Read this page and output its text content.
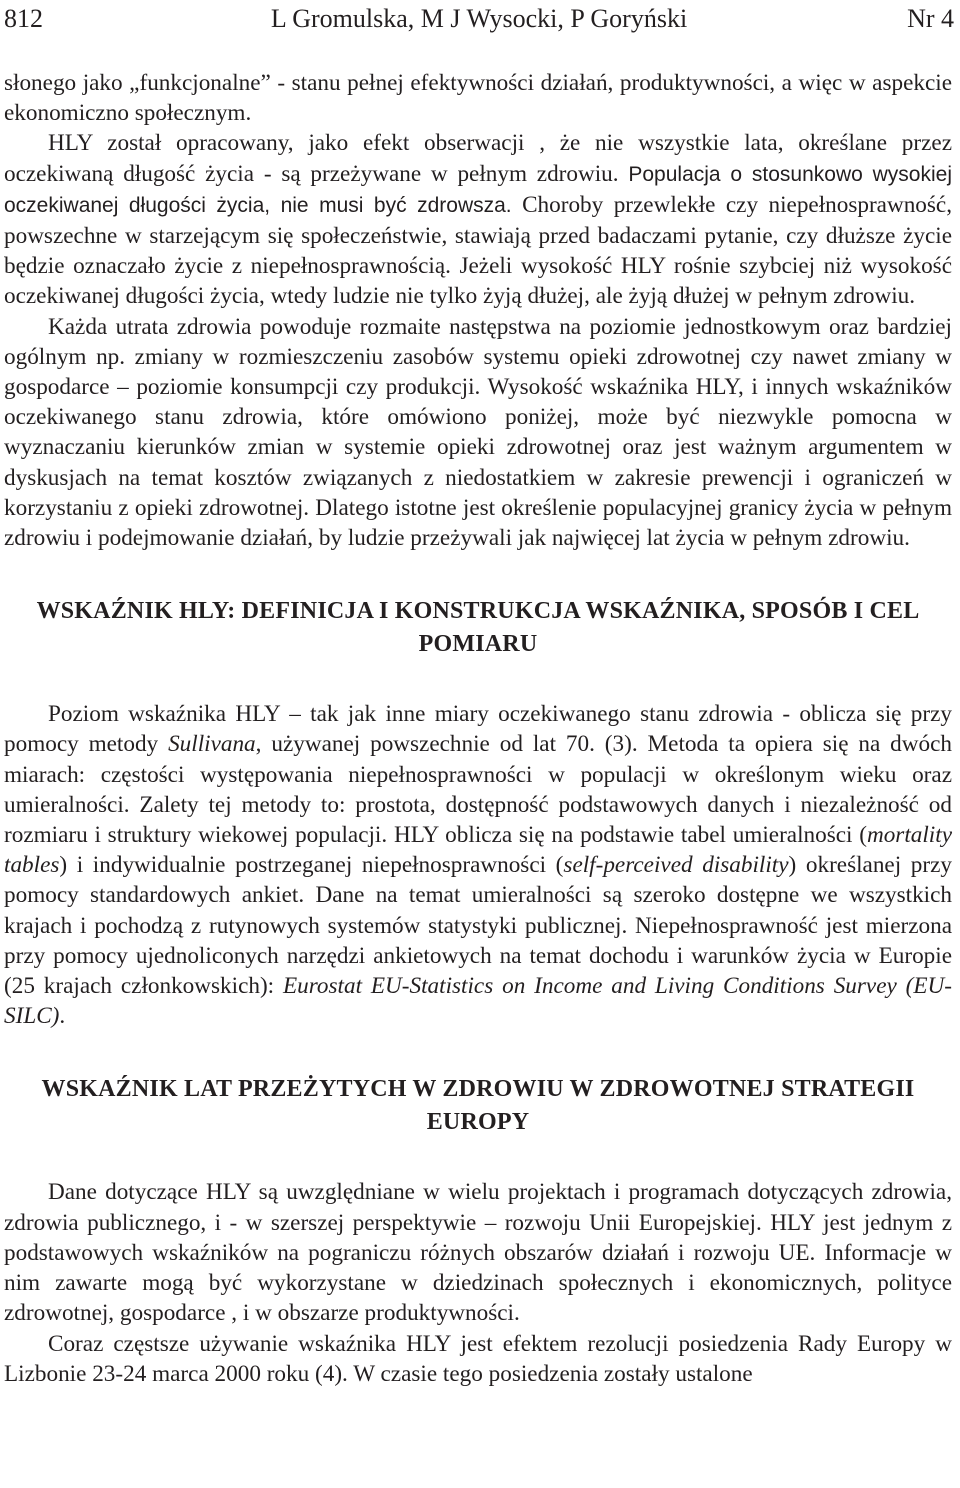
812	L Gromulska, M J Wysocki, P Goryński	Nr 4

słonego jako „funkcjonalne” - stanu pełnej efektywności działań, produktywności, a więc w aspekcie ekonomiczno społecznym.

HLY został opracowany, jako efekt obserwacji , że nie wszystkie lata, określane przez oczekiwaną długość życia - są przeżywane w pełnym zdrowiu. Populacja o stosunkowo wysokiej oczekiwanej długości życia, nie musi być zdrowsza. Choroby przewlekłe czy niepełnosprawność, powszechne w starzejącym się społeczeństwie, stawiają przed badaczami pytanie, czy dłuższe życie będzie oznaczało życie z niepełnosprawnością. Jeżeli wysokość HLY rośnie szybciej niż wysokość oczekiwanej długości życia, wtedy ludzie nie tylko żyją dłużej, ale żyją dłużej w pełnym zdrowiu.

Każda utrata zdrowia powoduje rozmaite następstwa na poziomie jednostkowym oraz bardziej ogólnym np. zmiany w rozmieszczeniu zasobów systemu opieki zdrowotnej czy nawet zmiany w gospodarce – poziomie konsumpcji czy produkcji. Wysokość wskaźnika HLY, i innych wskaźników oczekiwanego stanu zdrowia, które omówiono poniżej, może być niezwykle pomocna w wyznaczaniu kierunków zmian w systemie opieki zdrowotnej oraz jest ważnym argumentem w dyskusjach na temat kosztów związanych z niedostatkiem w zakresie prewencji i ograniczeń w korzystaniu z opieki zdrowotnej. Dlatego istotne jest określenie populacyjnej granicy życia w pełnym zdrowiu i podejmowanie działań, by ludzie przeżywali jak najwięcej lat życia w pełnym zdrowiu.

WSKAŹNIK HLY: DEFINICJA I KONSTRUKCJA WSKAŹNIKA, SPOSÓB I CEL POMIARU

Poziom wskaźnika HLY – tak jak inne miary oczekiwanego stanu zdrowia - oblicza się przy pomocy metody Sullivana, używanej powszechnie od lat 70. (3). Metoda ta opiera się na dwóch miarach: częstości występowania niepełnosprawności w populacji w określonym wieku oraz umieralności. Zalety tej metody to: prostota, dostępność podstawowych danych i niezależność od rozmiaru i struktury wiekowej populacji. HLY oblicza się na podstawie tabel umieralności (mortality tables) i indywidualnie postrzeganej niepełnosprawności (self-perceived disability) określanej przy pomocy standardowych ankiet. Dane na temat umieralności są szeroko dostępne we wszystkich krajach i pochodzą z rutynowych systemów statystyki publicznej. Niepełnosprawność jest mierzona przy pomocy ujednoliconych narzędzi ankietowych na temat dochodu i warunków życia w Europie (25 krajach członkowskich): Eurostat EU-Statistics on Income and Living Conditions Survey (EU-SILC).

WSKAŹNIK LAT PRZEŻYTYCH W ZDROWIU W ZDROWOTNEJ STRATEGII EUROPY

Dane dotyczące HLY są uwzględniane w wielu projektach i programach dotyczących zdrowia, zdrowia publicznego, i - w szerszej perspektywie – rozwoju Unii Europejskiej. HLY jest jednym z podstawowych wskaźników na pograniczu różnych obszarów działań i rozwoju UE. Informacje w nim zawarte mogą być wykorzystane w dziedzinach społecznych i ekonomicznych, polityce zdrowotnej, gospodarce , i w obszarze produktywności.

Coraz częstsze używanie wskaźnika HLY jest efektem rezolucji posiedzenia Rady Europy w Lizbonie 23-24 marca 2000 roku (4). W czasie tego posiedzenia zostały ustalone
